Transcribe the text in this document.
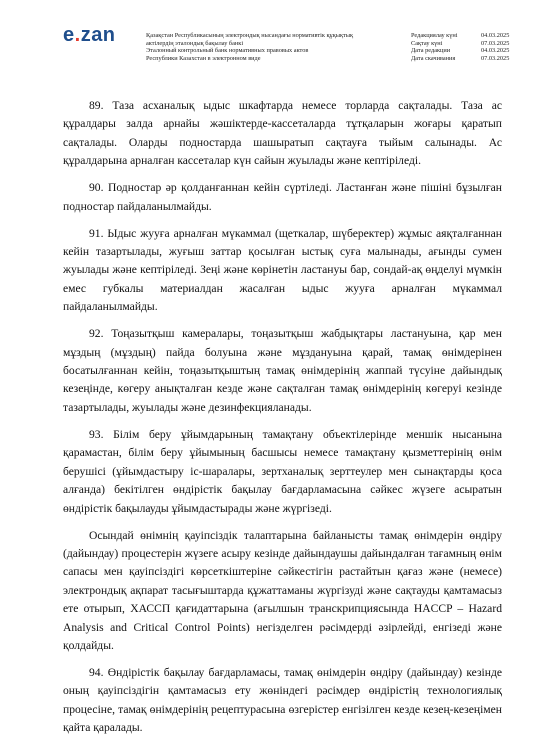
e.zan	Қазақстан Республикасының электрондық нысандағы нормативтік құқықтық
актілердің эталондық бақылау банкі
Эталонный контрольный банк нормативных правовых актов
Республики Казахстан в электронном виде
Редакциялау күні	04.03.2025
Сақтау күні	07.03.2025
Дата редакции	04.03.2025
Дата скачивания	07.03.2025

89. Таза асханалық ыдыс шкафтарда немесе торларда сақталады. Таза ас құралдары залда арнайы жәшіктерде-кассеталарда тұтқаларын жоғары қаратып сақталады. Оларды подностарда шашыратып сақтауға тыйым салынады. Ас құралдарына арналған кассеталар күн сайын жуылады және кептіріледі.

90. Подностар әр қолданғаннан кейін сүртіледі. Ластанған және пішіні бұзылған подностар пайдаланылмайды.

91. Ыдыс жууға арналған мүкаммал (щеткалар, шүберектер) жұмыс аяқталғаннан кейін тазартылады, жуғыш заттар қосылған ыстық суға малынады, ағынды сумен жуылады және кептіріледі. Зеңі және көрінетін ластануы бар, сондай-ақ өңделуі мүмкін емес губкалы материалдан жасалған ыдыс жууға арналған мүкаммал пайдаланылмайды.

92. Тоңазытқыш камералары, тоңазытқыш жабдықтары ластануына, қар мен мұздың (мұздың) пайда болуына және мұздануына қарай, тамақ өнімдерінен босатылғаннан кейін, тоңазытқыштың тамақ өнімдерінің жаппай түсуіне дайындық кезеңінде, көгеру анықталған кезде және сақталған тамақ өнімдерінің көгеруі кезінде тазартылады, жуылады және дезинфекцияланады.

93. Білім беру ұйымдарының тамақтану объектілерінде меншік нысанына қарамастан, білім беру ұйымының басшысы немесе тамақтану қызметтерінің өнім берушісі (ұйымдастыру іс-шаралары, зертханалық зерттеулер мен сынақтарды қоса алғанда) бекітілген өндірістік бақылау бағдарламасына сәйкес жүзеге асыратын өндірістік бақылауды ұйымдастырады және жүргізеді.

Осындай өнімнің қауіпсіздік талаптарына байланысты тамақ өнімдерін өндіру (дайындау) процестерін жүзеге асыру кезінде дайындаушы дайындалған тағамның өнім сапасы мен қауіпсіздігі көрсеткіштеріне сәйкестігін растайтын қағаз және (немесе) электрондық ақпарат тасығыштарда құжаттаманы жүргізуді және сақтауды қамтамасыз ете отырып, ХАССП қағидаттарына (ағылшын транскрипциясында HACCP – Hazard Analysis and Critical Control Points) негізделген рәсімдерді әзірлейді, енгізеді және қолдайды.

94. Өндірістік бақылау бағдарламасы, тамақ өнімдерін өндіру (дайындау) кезінде оның қауіпсіздігін қамтамасыз ету жөніндегі рәсімдер өндірістің технологиялық процесіне, тамақ өнімдерінің рецептурасына өзгерістер енгізілген кезде кезең-кезеңімен қайта қаралады.
